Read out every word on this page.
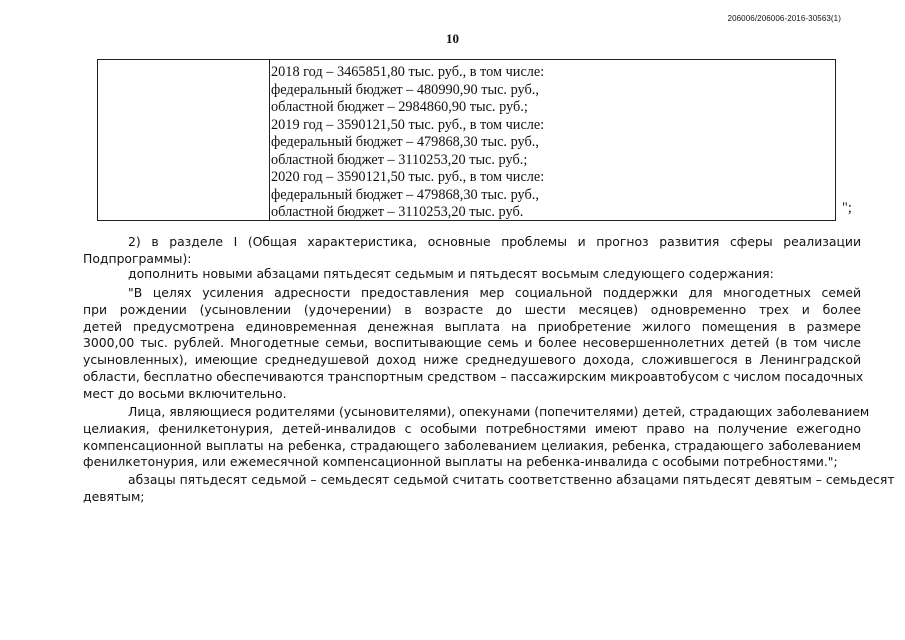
206006/206006-2016-30563(1)
10
2018 год – 3465851,80 тыс. руб., в том числе:
федеральный бюджет – 480990,90 тыс. руб.,
областной бюджет – 2984860,90 тыс. руб.;
2019 год – 3590121,50 тыс. руб., в том числе:
федеральный бюджет – 479868,30 тыс. руб.,
областной бюджет – 3110253,20 тыс. руб.;
2020 год – 3590121,50 тыс. руб., в том числе:
федеральный бюджет – 479868,30 тыс. руб.,
областной бюджет – 3110253,20 тыс. руб.	";
2) в разделе I (Общая характеристика, основные проблемы и прогноз развития сферы реализации
Подпрограммы):
дополнить новыми абзацами пятьдесят седьмым и пятьдесят восьмым следующего содержания:
"В целях усиления адресности предоставления мер социальной поддержки для многодетных семей
при рождении (усыновлении (удочерении) в возрасте до шести месяцев) одновременно трех и более
детей предусмотрена единовременная денежная выплата на приобретение жилого помещения в размере
3000,00 тыс. рублей. Многодетные семьи, воспитывающие семь и более несовершеннолетних детей (в том числе
усыновленных), имеющие среднедушевой доход ниже среднедушевого дохода, сложившегося в Ленинградской
области, бесплатно обеспечиваются транспортным средством – пассажирским микроавтобусом с числом посадочных
мест до восьми включительно.
Лица, являющиеся родителями (усыновителями), опекунами (попечителями) детей, страдающих заболеванием
целиакия, фенилкетонурия, детей-инвалидов с особыми потребностями имеют право на получение ежегодно
компенсационной выплаты на ребенка, страдающего заболеванием целиакия, ребенка, страдающего заболеванием
фенилкетонурия, или ежемесячной компенсационной выплаты на ребенка-инвалида с особыми потребностями.";
абзацы пятьдесят седьмой – семьдесят седьмой считать соответственно абзацами пятьдесят девятым – семьдесят
девятым;
